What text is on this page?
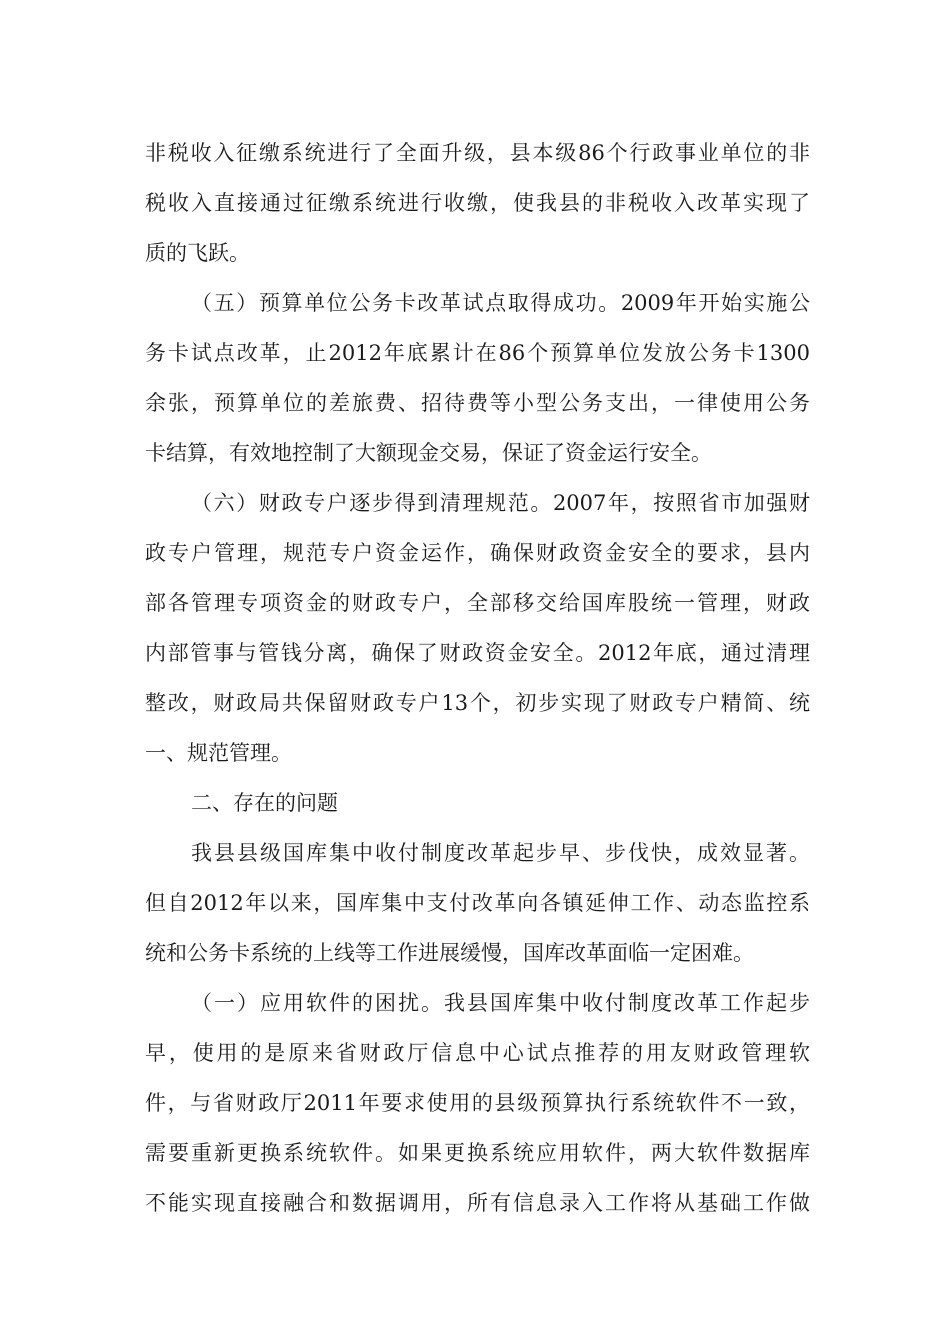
非税收入征缴系统进行了全面升级，县本级86个行政事业单位的非
税收入直接通过征缴系统进行收缴，使我县的非税收入改革实现了
质的飞跃。
（五）预算单位公务卡改革试点取得成功。2009年开始实施公
务卡试点改革，止2012年底累计在86个预算单位发放公务卡1300
余张，预算单位的差旅费、招待费等小型公务支出，一律使用公务
卡结算，有效地控制了大额现金交易，保证了资金运行安全。
（六）财政专户逐步得到清理规范。2007年，按照省市加强财
政专户管理，规范专户资金运作，确保财政资金安全的要求，县内
部各管理专项资金的财政专户，全部移交给国库股统一管理，财政
内部管事与管钱分离，确保了财政资金安全。2012年底，通过清理
整改，财政局共保留财政专户13个，初步实现了财政专户精简、统
一、规范管理。
二、存在的问题
我县县级国库集中收付制度改革起步早、步伐快，成效显著。
但自2012年以来，国库集中支付改革向各镇延伸工作、动态监控系
统和公务卡系统的上线等工作进展缓慢，国库改革面临一定困难。
（一）应用软件的困扰。我县国库集中收付制度改革工作起步
早，使用的是原来省财政厅信息中心试点推荐的用友财政管理软
件，与省财政厅2011年要求使用的县级预算执行系统软件不一致，
需要重新更换系统软件。如果更换系统应用软件，两大软件数据库
不能实现直接融合和数据调用，所有信息录入工作将从基础工作做
